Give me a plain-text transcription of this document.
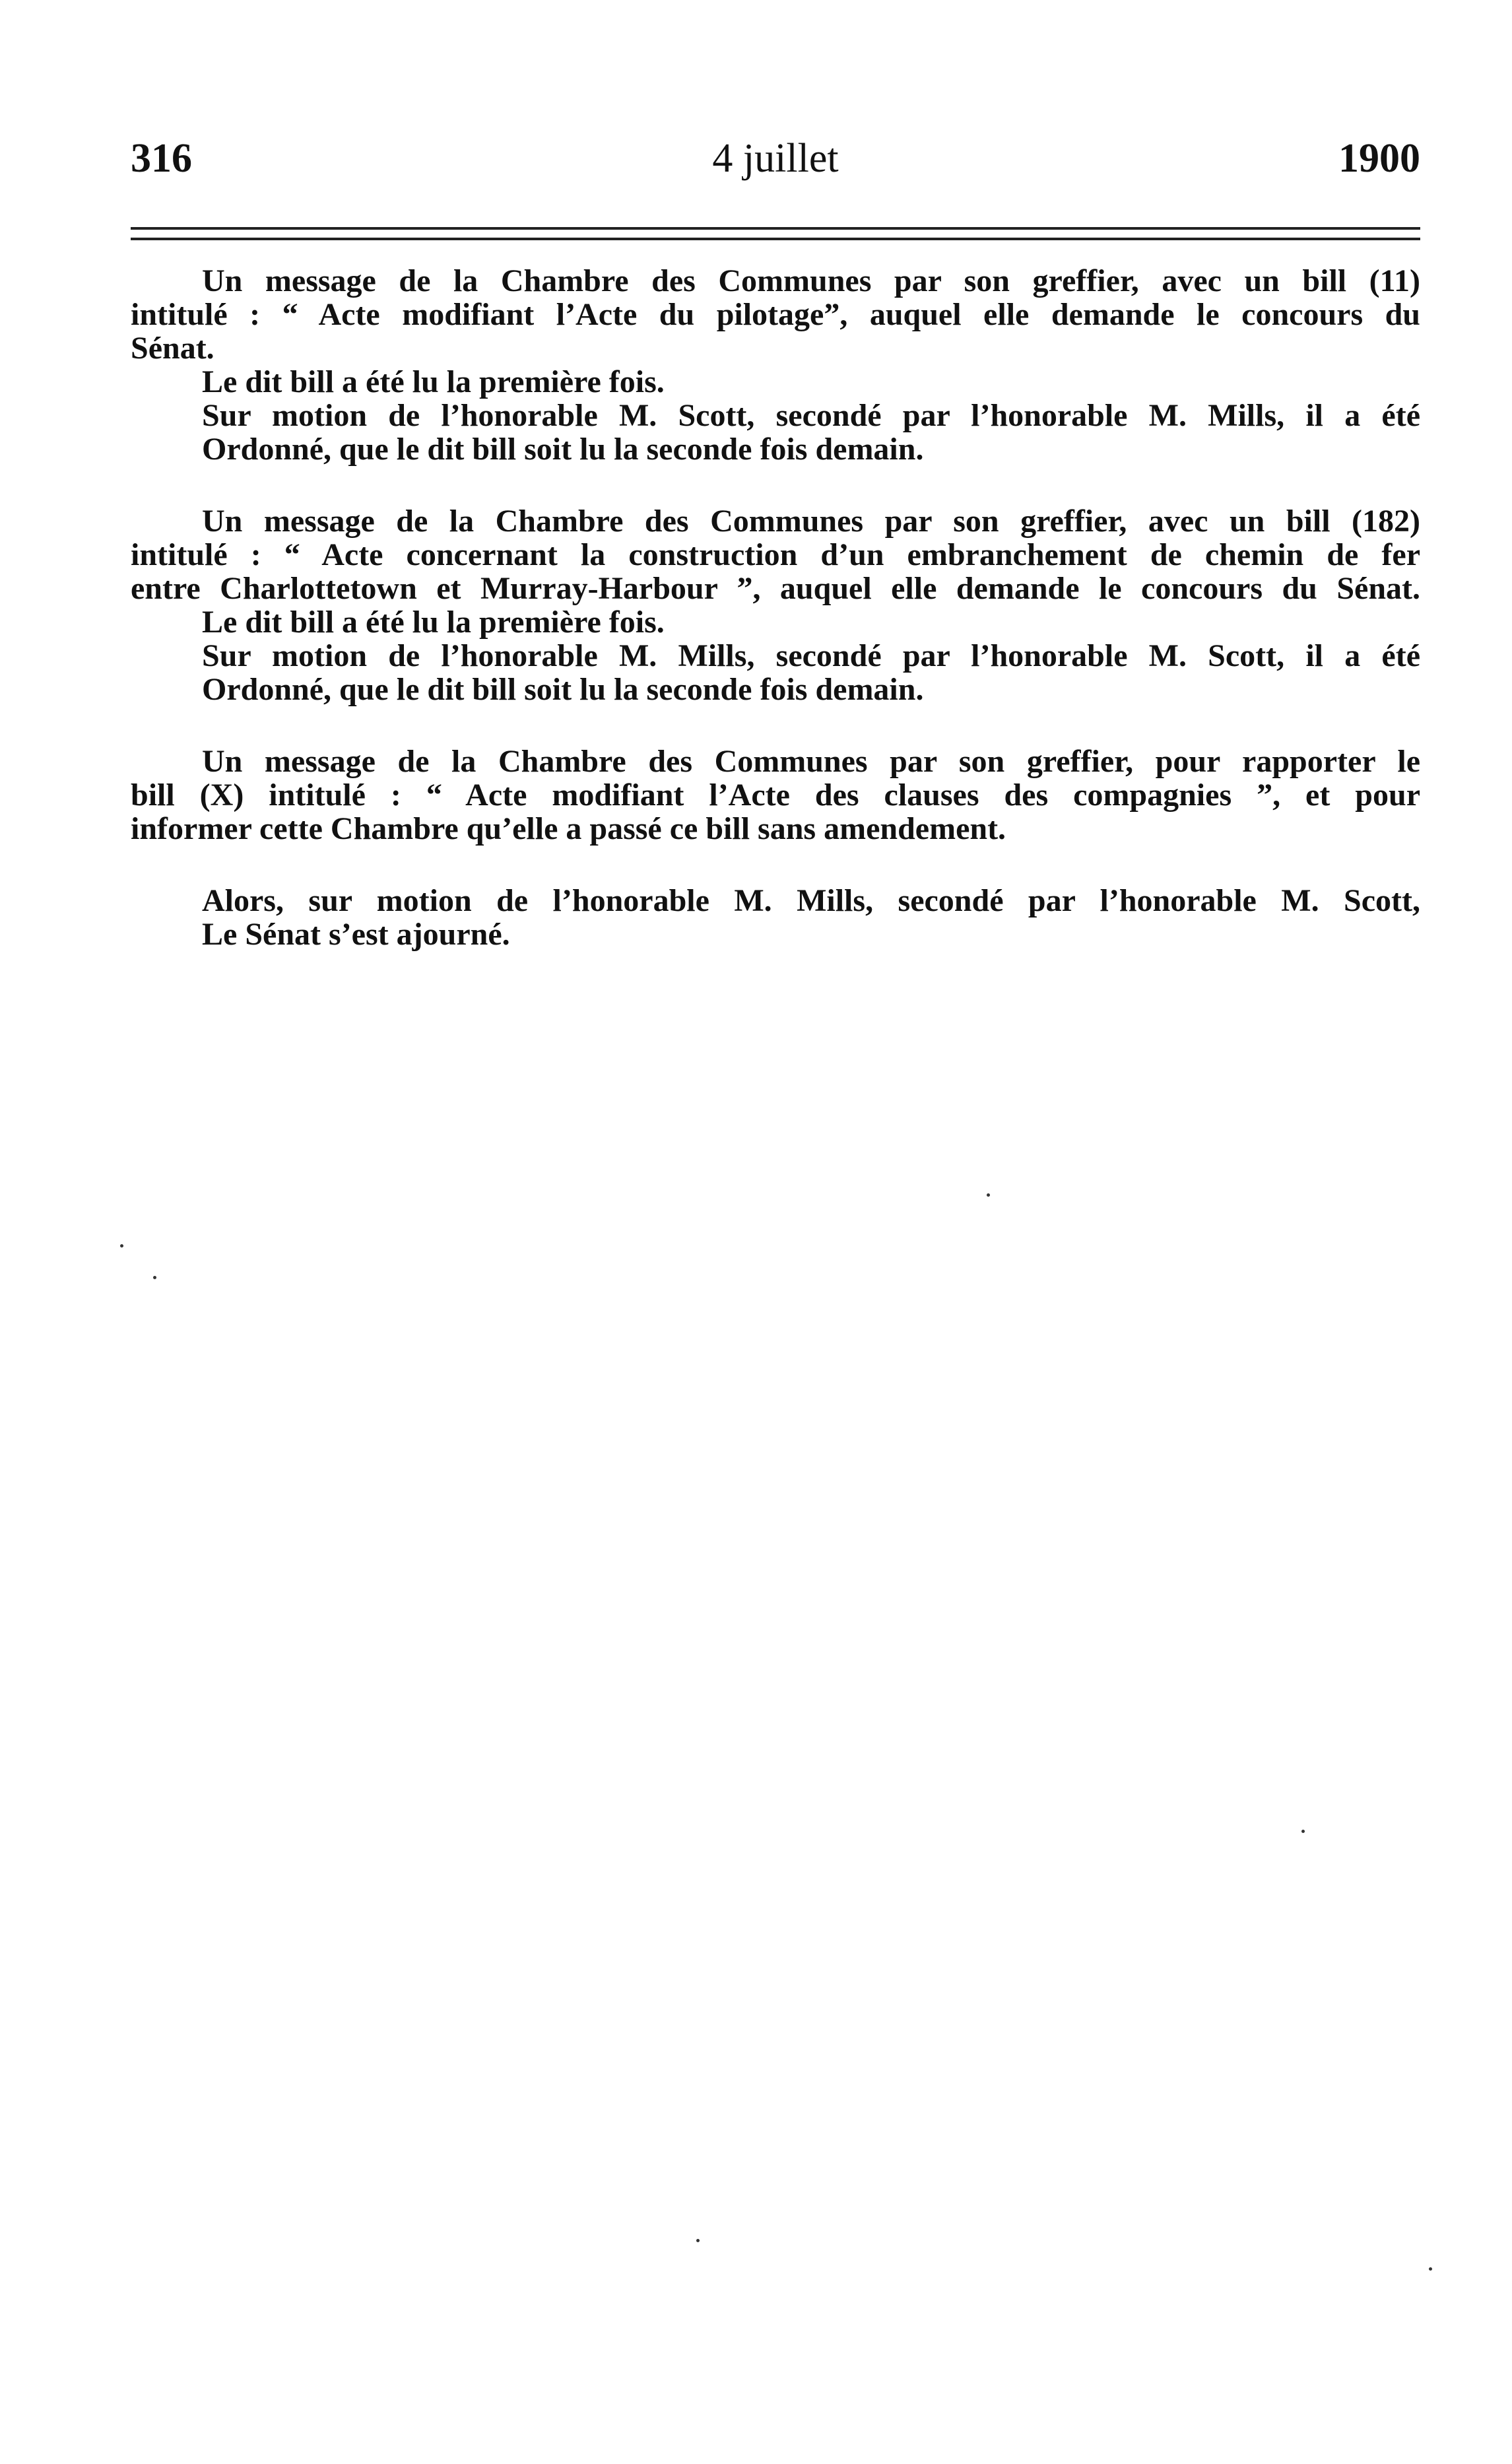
316	4 juillet	1900
Un message de la Chambre des Communes par son greffier, avec un bill (11)
intitulé : “ Acte modifiant l’Acte du pilotage”, auquel elle demande le concours du
Sénat.
Le dit bill a été lu la première fois.
Sur motion de l’honorable M. Scott, secondé par l’honorable M. Mills, il a été
Ordonné, que le dit bill soit lu la seconde fois demain.
Un message de la Chambre des Communes par son greffier, avec un bill (182)
intitulé : “ Acte concernant la construction d’un embranchement de chemin de fer
entre Charlottetown et Murray-Harbour ”, auquel elle demande le concours du Sénat.
Le dit bill a été lu la première fois.
Sur motion de l’honorable M. Mills, secondé par l’honorable M. Scott, il a été
Ordonné, que le dit bill soit lu la seconde fois demain.
Un message de la Chambre des Communes par son greffier, pour rapporter le
bill (X) intitulé : “ Acte modifiant l’Acte des clauses des compagnies ”, et pour
informer cette Chambre qu’elle a passé ce bill sans amendement.
Alors, sur motion de l’honorable M. Mills, secondé par l’honorable M. Scott,
Le Sénat s’est ajourné.
